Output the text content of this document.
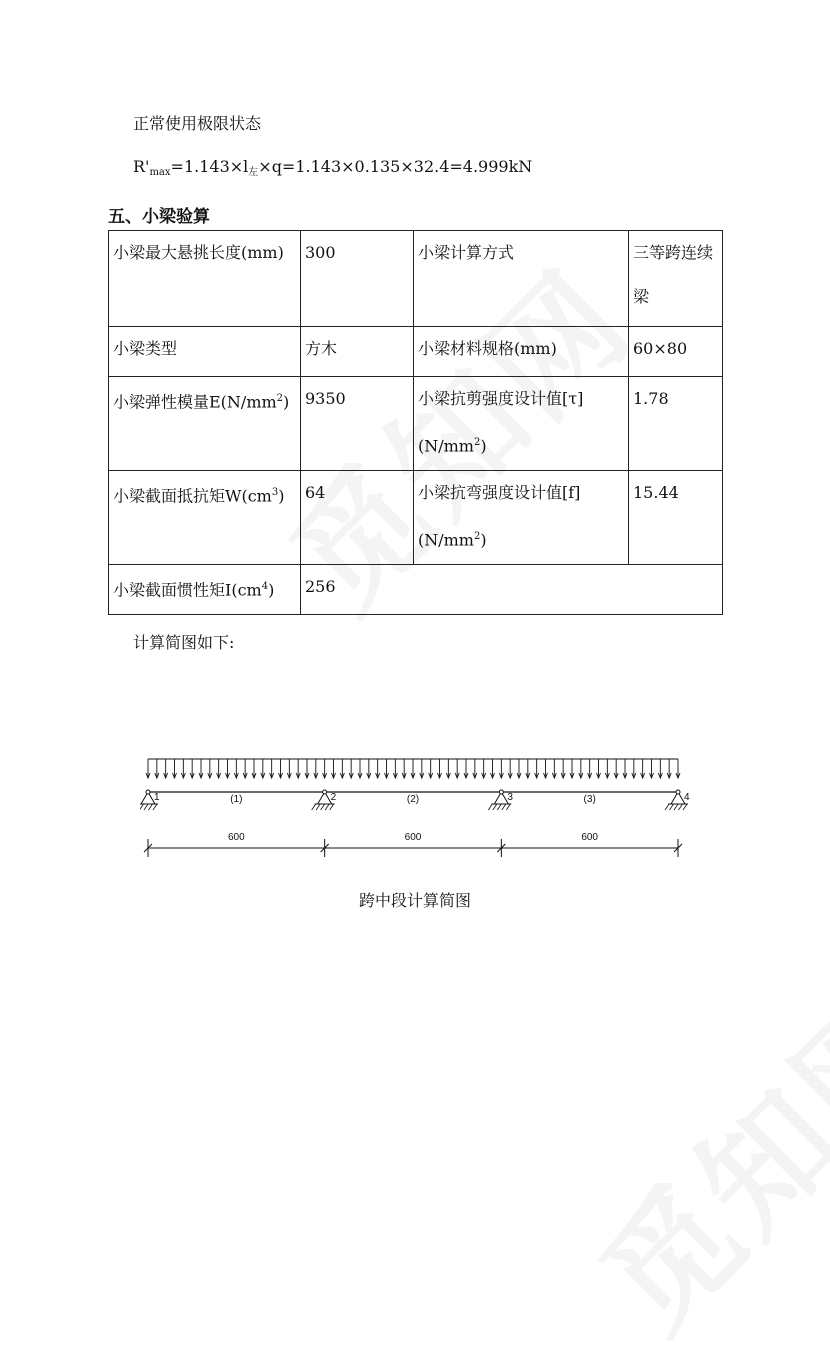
正常使用极限状态
$R'_{max}=1.143\times l_左\times q=1.143\times 0.135\times 32.4=4.999kN$
五、小梁验算
小梁最大悬挑长度(mm)	300	小梁计算方式	三等跨连续梁

小梁类型	方木	小梁材料规格(mm)	60×80

小梁弹性模量$E(N/mm^2)$	9350	小梁抗剪强度设计值$[\tau](N/mm^2)$	1.78

小梁截面抵抗矩$W(cm^3)$	64	小梁抗弯强度设计值$[f](N/mm^2)$	15.44

小梁截面惯性矩$I(cm^4)$	256		
计算简图如下:
1	2	3	4
(1)	(2)	(3)
600	600	600
跨中段计算简图
